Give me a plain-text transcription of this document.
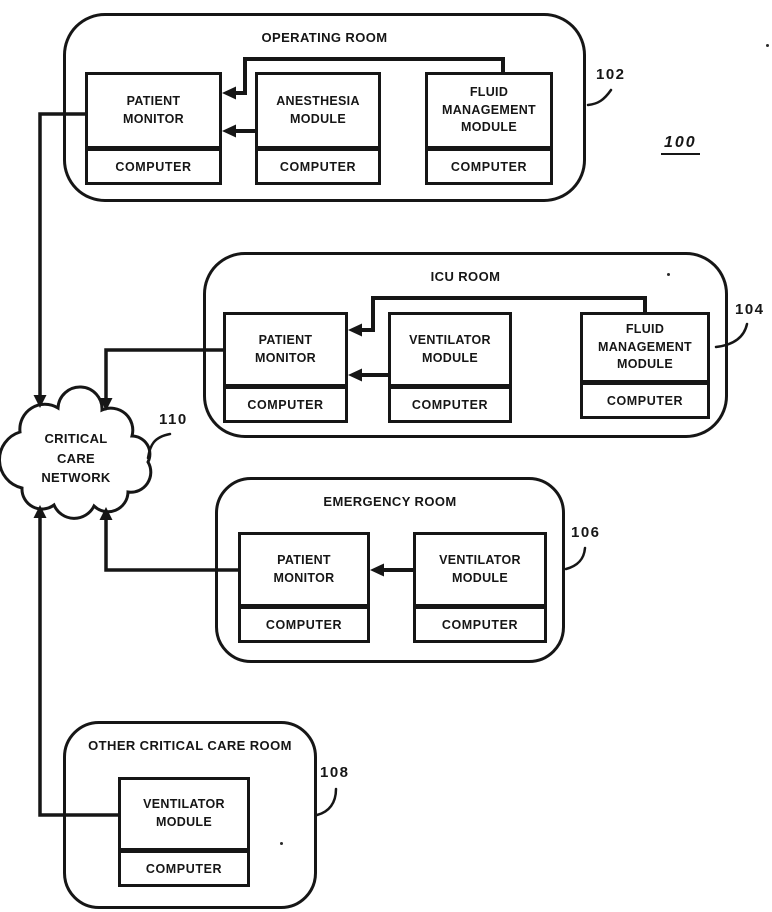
OPERATING ROOM
PATIENT
MONITOR
COMPUTER
ANESTHESIA
MODULE
COMPUTER
FLUID
MANAGEMENT
MODULE
COMPUTER
ICU ROOM
PATIENT
MONITOR
COMPUTER
VENTILATOR
MODULE
COMPUTER
FLUID
MANAGEMENT
MODULE
COMPUTER
EMERGENCY ROOM
PATIENT
MONITOR
COMPUTER
VENTILATOR
MODULE
COMPUTER
OTHER CRITICAL CARE ROOM
VENTILATOR
MODULE
COMPUTER
CRITICAL
CARE
NETWORK
102
104
106
108
110
100
